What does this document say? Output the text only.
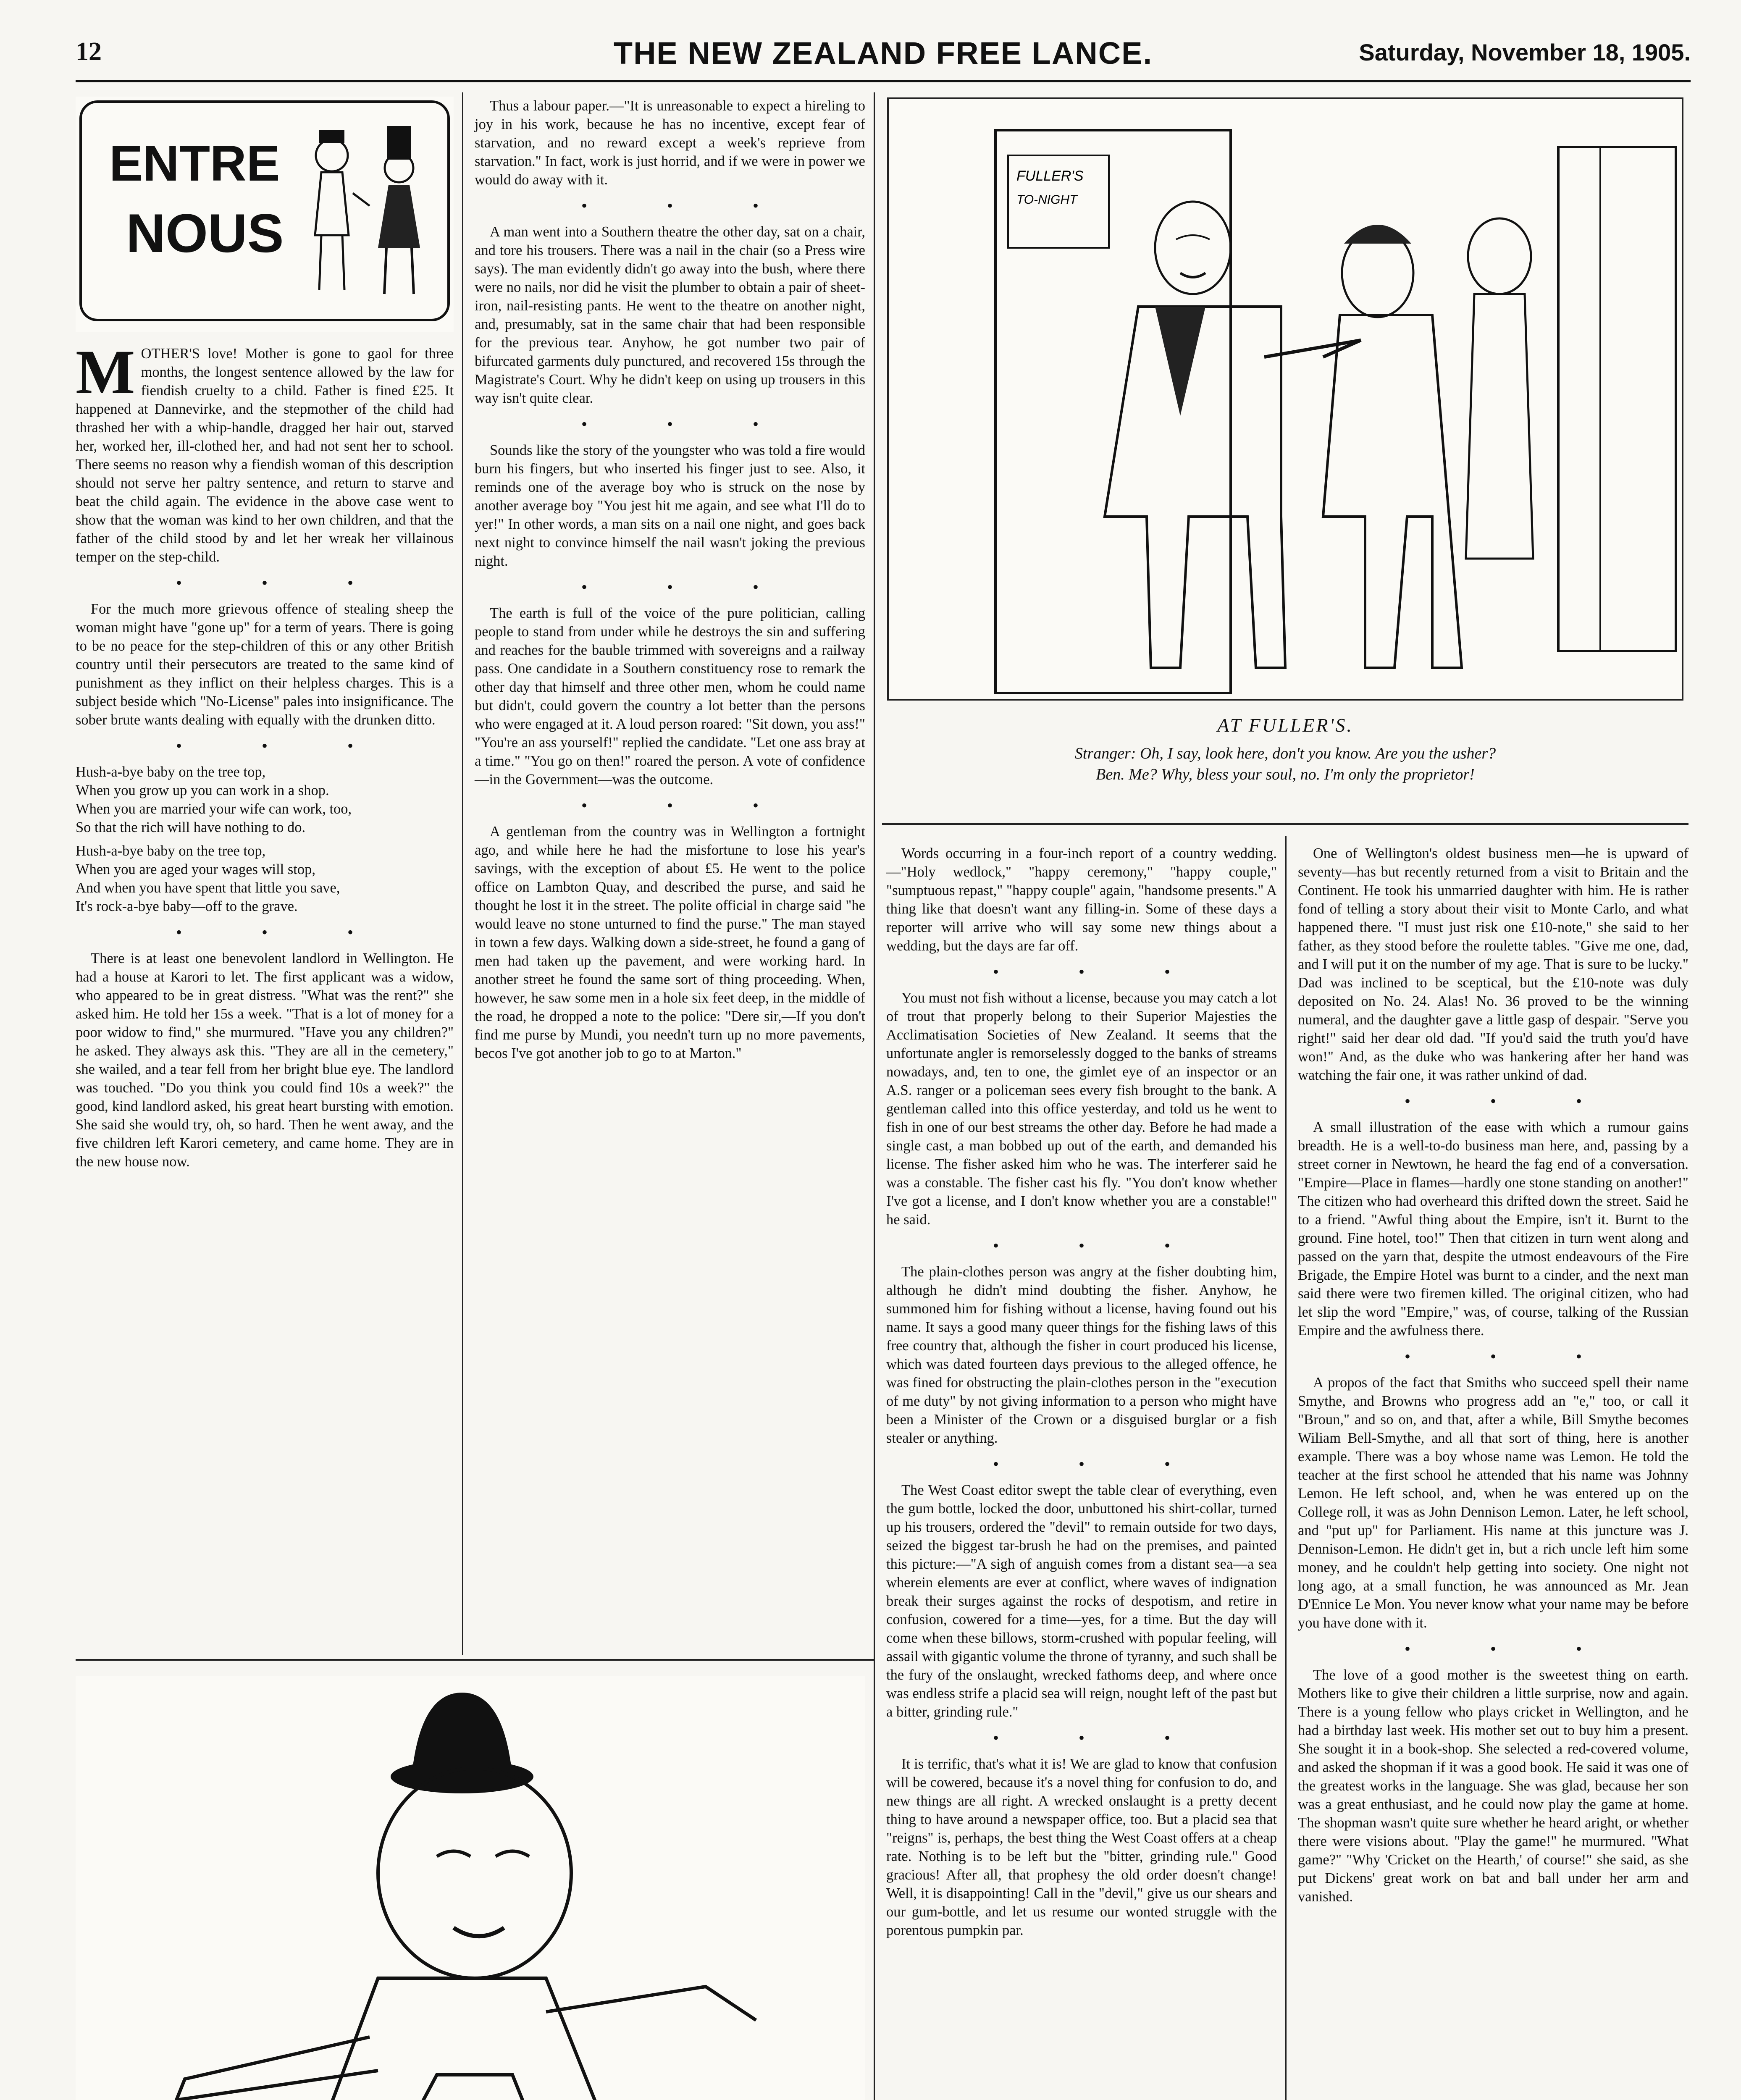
12	THE NEW ZEALAND FREE LANCE.	Saturday, November 18, 1905.
ENTRE
NOUS

MOTHER'S love! Mother is gone to gaol for three months, the longest sentence allowed by the law for fiendish cruelty to a child. Father is fined £25. It happened at Dannevirke, and the stepmother of the child had thrashed her with a whip-handle, dragged her hair out, starved her, worked her, ill-clothed her, and had not sent her to school. There seems no reason why a fiendish woman of this description should not serve her paltry sentence, and return to starve and beat the child again. The evidence in the above case went to show that the woman was kind to her own children, and that the father of the child stood by and let her wreak her villainous temper on the step-child.

• • •

For the much more grievous offence of stealing sheep the woman might have "gone up" for a term of years. There is going to be no peace for the step-children of this or any other British country until their persecutors are treated to the same kind of punishment as they inflict on their helpless charges. This is a subject beside which "No-License" pales into insignificance. The sober brute wants dealing with equally with the drunken ditto.

• • •
Hush-a-bye baby on the tree top,
When you grow up you can work in a shop.
When you are married your wife can work, too,
So that the rich will have nothing to do.
Hush-a-bye baby on the tree top,
When you are aged your wages will stop,
And when you have spent that little you save,
It's rock-a-bye baby—off to the grave.
• • •

There is at least one benevolent landlord in Wellington. He had a house at Karori to let. The first applicant was a widow, who appeared to be in great distress. "What was the rent?" she asked him. He told her 15s a week. "That is a lot of money for a poor widow to find," she murmured. "Have you any children?" he asked. They always ask this. "They are all in the cemetery," she wailed, and a tear fell from her bright blue eye. The landlord was touched. "Do you think you could find 10s a week?" the good, kind landlord asked, his great heart bursting with emotion. She said she would try, oh, so hard. Then he went away, and the five children left Karori cemetery, and came home. They are in the new house now.

Thus a labour paper.—"It is unreasonable to expect a hireling to joy in his work, because he has no incentive, except fear of starvation, and no reward except a week's reprieve from starvation." In fact, work is just horrid, and if we were in power we would do away with it.

• • •

A man went into a Southern theatre the other day, sat on a chair, and tore his trousers. There was a nail in the chair (so a Press wire says). The man evidently didn't go away into the bush, where there were no nails, nor did he visit the plumber to obtain a pair of sheet-iron, nail-resisting pants. He went to the theatre on another night, and, presumably, sat in the same chair that had been responsible for the previous tear. Anyhow, he got number two pair of bifurcated garments duly punctured, and recovered 15s through the Magistrate's Court. Why he didn't keep on using up trousers in this way isn't quite clear.

• • •

Sounds like the story of the youngster who was told a fire would burn his fingers, but who inserted his finger just to see. Also, it reminds one of the average boy who is struck on the nose by another average boy "You jest hit me again, and see what I'll do to yer!" In other words, a man sits on a nail one night, and goes back next night to convince himself the nail wasn't joking the previous night.

• • •

The earth is full of the voice of the pure politician, calling people to stand from under while he destroys the sin and suffering and reaches for the bauble trimmed with sovereigns and a railway pass. One candidate in a Southern constituency rose to remark the other day that himself and three other men, whom he could name but didn't, could govern the country a lot better than the persons who were engaged at it. A loud person roared: "Sit down, you ass!" "You're an ass yourself!" replied the candidate. "Let one ass bray at a time." "You go on then!" roared the person. A vote of confidence—in the Government—was the outcome.

• • •

A gentleman from the country was in Wellington a fortnight ago, and while here he had the misfortune to lose his year's savings, with the exception of about £5. He went to the police office on Lambton Quay, and described the purse, and said he thought he lost it in the street. The polite official in charge said "he would leave no stone unturned to find the purse." The man stayed in town a few days. Walking down a side-street, he found a gang of men had taken up the pavement, and were working hard. In another street he found the same sort of thing proceeding. When, however, he saw some men in a hole six feet deep, in the middle of the road, he dropped a note to the police: "Dere sir,—If you don't find me purse by Mundi, you needn't turn up no more pavements, becos I've got another job to go to at Marton."

FULLER'S
TO-NIGHT
AT FULLER'S.
Stranger: Oh, I say, look here, don't you know. Are you the usher?
Ben. Me? Why, bless your soul, no. I'm only the proprietor!

Words occurring in a four-inch report of a country wedding.—"Holy wedlock," "happy ceremony," "happy couple," "sumptuous repast," "happy couple" again, "handsome presents." A thing like that doesn't want any filling-in. Some of these days a reporter will arrive who will say some new things about a wedding, but the days are far off.

• • •

You must not fish without a license, because you may catch a lot of trout that properly belong to their Superior Majesties the Acclimatisation Societies of New Zealand. It seems that the unfortunate angler is remorselessly dogged to the banks of streams nowadays, and, ten to one, the gimlet eye of an inspector or an A.S. ranger or a policeman sees every fish brought to the bank. A gentleman called into this office yesterday, and told us he went to fish in one of our best streams the other day. Before he had made a single cast, a man bobbed up out of the earth, and demanded his license. The fisher asked him who he was. The interferer said he was a constable. The fisher cast his fly. "You don't know whether I've got a license, and I don't know whether you are a constable!" he said.

• • •

The plain-clothes person was angry at the fisher doubting him, although he didn't mind doubting the fisher. Anyhow, he summoned him for fishing without a license, having found out his name. It says a good many queer things for the fishing laws of this free country that, although the fisher in court produced his license, which was dated fourteen days previous to the alleged offence, he was fined for obstructing the plain-clothes person in the "execution of me duty" by not giving information to a person who might have been a Minister of the Crown or a disguised burglar or a fish stealer or anything.

• • •

The West Coast editor swept the table clear of everything, even the gum bottle, locked the door, unbuttoned his shirt-collar, turned up his trousers, ordered the "devil" to remain outside for two days, seized the biggest tar-brush he had on the premises, and painted this picture:—"A sigh of anguish comes from a distant sea—a sea wherein elements are ever at conflict, where waves of indignation break their surges against the rocks of despotism, and retire in confusion, cowered for a time—yes, for a time. But the day will come when these billows, storm-crushed with popular feeling, will assail with gigantic volume the throne of tyranny, and such shall be the fury of the onslaught, wrecked fathoms deep, and where once was endless strife a placid sea will reign, nought left of the past but a bitter, grinding rule."

• • •

It is terrific, that's what it is! We are glad to know that confusion will be cowered, because it's a novel thing for confusion to do, and new things are all right. A wrecked onslaught is a pretty decent thing to have around a newspaper office, too. But a placid sea that "reigns" is, perhaps, the best thing the West Coast offers at a cheap rate. Nothing is to be left but the "bitter, grinding rule." Good gracious! After all, that prophesy the old order doesn't change! Well, it is disappointing! Call in the "devil," give us our shears and our gum-bottle, and let us resume our wonted struggle with the porentous pumpkin par.

One of Wellington's oldest business men—he is upward of seventy—has but recently returned from a visit to Britain and the Continent. He took his unmarried daughter with him. He is rather fond of telling a story about their visit to Monte Carlo, and what happened there. "I must just risk one £10-note," she said to her father, as they stood before the roulette tables. "Give me one, dad, and I will put it on the number of my age. That is sure to be lucky." Dad was inclined to be sceptical, but the £10-note was duly deposited on No. 24. Alas! No. 36 proved to be the winning numeral, and the daughter gave a little gasp of despair. "Serve you right!" said her dear old dad. "If you'd said the truth you'd have won!" And, as the duke who was hankering after her hand was watching the fair one, it was rather unkind of dad.

• • •

A small illustration of the ease with which a rumour gains breadth. He is a well-to-do business man here, and, passing by a street corner in Newtown, he heard the fag end of a conversation. "Empire—Place in flames—hardly one stone standing on another!" The citizen who had overheard this drifted down the street. Said he to a friend. "Awful thing about the Empire, isn't it. Burnt to the ground. Fine hotel, too!" Then that citizen in turn went along and passed on the yarn that, despite the utmost endeavours of the Fire Brigade, the Empire Hotel was burnt to a cinder, and the next man said there were two firemen killed. The original citizen, who had let slip the word "Empire," was, of course, talking of the Russian Empire and the awfulness there.

• • •

A propos of the fact that Smiths who succeed spell their name Smythe, and Browns who progress add an "e," too, or call it "Broun," and so on, and that, after a while, Bill Smythe becomes Wiliam Bell-Smythe, and all that sort of thing, here is another example. There was a boy whose name was Lemon. He told the teacher at the first school he attended that his name was Johnny Lemon. He left school, and, when he was entered up on the College roll, it was as John Dennison Lemon. Later, he left school, and "put up" for Parliament. His name at this juncture was J. Dennison-Lemon. He didn't get in, but a rich uncle left him some money, and he couldn't help getting into society. One night not long ago, at a small function, he was announced as Mr. Jean D'Ennice Le Mon. You never know what your name may be before you have done with it.

• • •

The love of a good mother is the sweetest thing on earth. Mothers like to give their children a little surprise, now and again. There is a young fellow who plays cricket in Wellington, and he had a birthday last week. His mother set out to buy him a present. She sought it in a book-shop. She selected a red-covered volume, and asked the shopman if it was a good book. He said it was one of the greatest works in the language. She was glad, because her son was a great enthusiast, and he could now play the game at home. The shopman wasn't quite sure whether he heard aright, or whether there were visions about. "Play the game!" he murmured. "What game?" "Why 'Cricket on the Hearth,' of course!" she said, as she put Dickens' great work on bat and ball under her arm and vanished.
